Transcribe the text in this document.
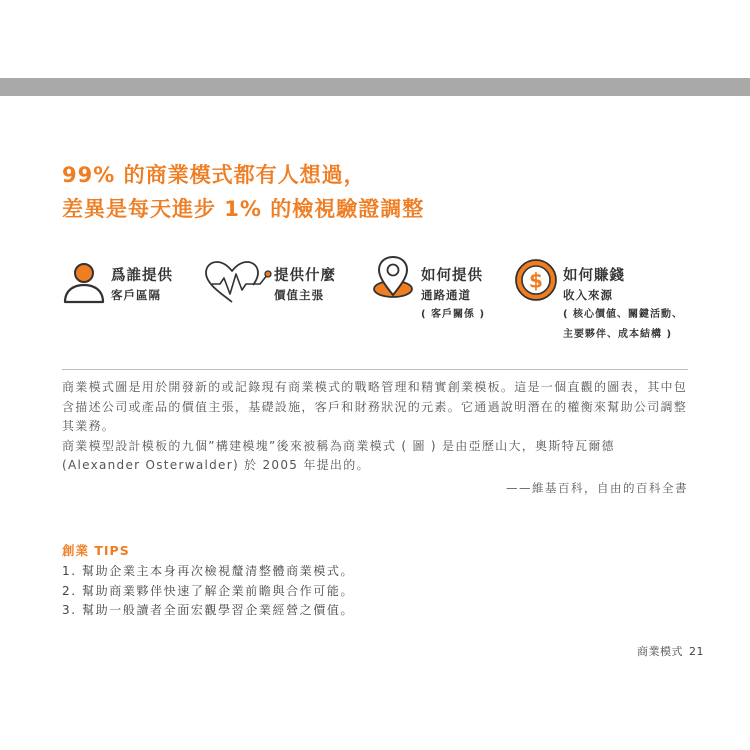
99% 的商業模式都有人想過，
差異是每天進步 1% 的檢視驗證調整
爲誰提供
客戶區隔
提供什麼
價值主張
如何提供
通路通道
( 客戶關係 )
$ 如何賺錢
收入來源
( 核心價値、關鍵活動、
主要夥伴、成本結構 )

商業模式圖是用於開發新的或記錄現有商業模式的戰略管理和精實創業模板。這是一個直觀的圖表，其中包含描述公司或產品的價值主張，基礎設施，客戶和財務狀況的元素。它通過說明潛在的權衡來幫助公司調整其業務。

商業模型設計模板的九個”構建模塊”後來被稱為商業模式 ( 圖 ) 是由亞歷山大，奧斯特瓦爾德 (Alexander Osterwalder) 於 2005 年提出的。

——維基百科，自由的百科全書
創業 TIPS
1. 幫助企業主本身再次檢視釐清整體商業模式。
2. 幫助商業夥伴快速了解企業前瞻與合作可能。
3. 幫助一般讀者全面宏觀學習企業經營之價值。
商業模式 21
